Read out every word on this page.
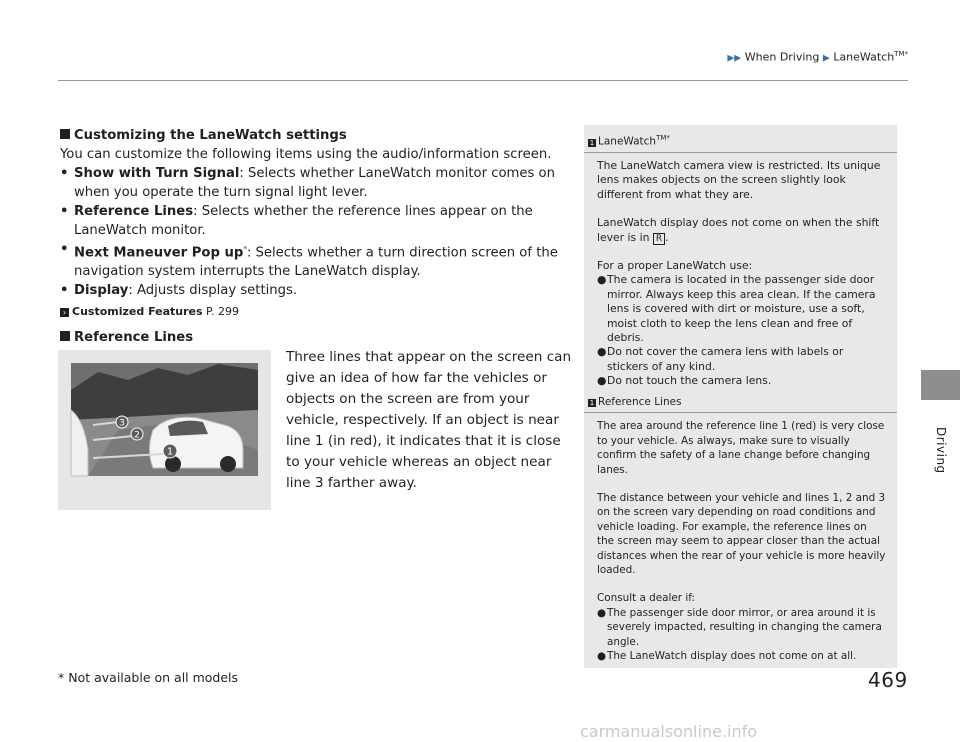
▶▶ When Driving ▶ LaneWatch$^{TM*}$
Driving
Customizing the LaneWatch settings
You can customize the following items using the audio/information screen.
• Show with Turn Signal: Selects whether LaneWatch monitor comes on when you operate the turn signal light lever.
• Reference Lines: Selects whether the reference lines appear on the LaneWatch monitor.
• Next Maneuver Pop up*: Selects whether a turn direction screen of the navigation system interrupts the LaneWatch display.
• Display: Adjusts display settings.
› Customized Features P. 299
Reference Lines
3
2
1
Three lines that appear on the screen can give an idea of how far the vehicles or objects on the screen are from your vehicle, respectively. If an object is near line 1 (in red), it indicates that it is close to your vehicle whereas an object near line 3 farther away.
1 LaneWatch$^{TM*}$

The LaneWatch camera view is restricted. Its unique lens makes objects on the screen slightly look different from what they are.

LaneWatch display does not come on when the shift lever is in R .

For a proper LaneWatch use:
● The camera is located in the passenger side door mirror. Always keep this area clean. If the camera lens is covered with dirt or moisture, use a soft, moist cloth to keep the lens clean and free of debris.
● Do not cover the camera lens with labels or stickers of any kind.
● Do not touch the camera lens.
1 Reference Lines

The area around the reference line 1 (red) is very close to your vehicle. As always, make sure to visually confirm the safety of a lane change before changing lanes.

The distance between your vehicle and lines 1, 2 and 3 on the screen vary depending on road conditions and vehicle loading. For example, the reference lines on the screen may seem to appear closer than the actual distances when the rear of your vehicle is more heavily loaded.

Consult a dealer if:
● The passenger side door mirror, or area around it is severely impacted, resulting in changing the camera angle.
● The LaneWatch display does not come on at all.
* Not available on all models	469
carmanualsonline.info
